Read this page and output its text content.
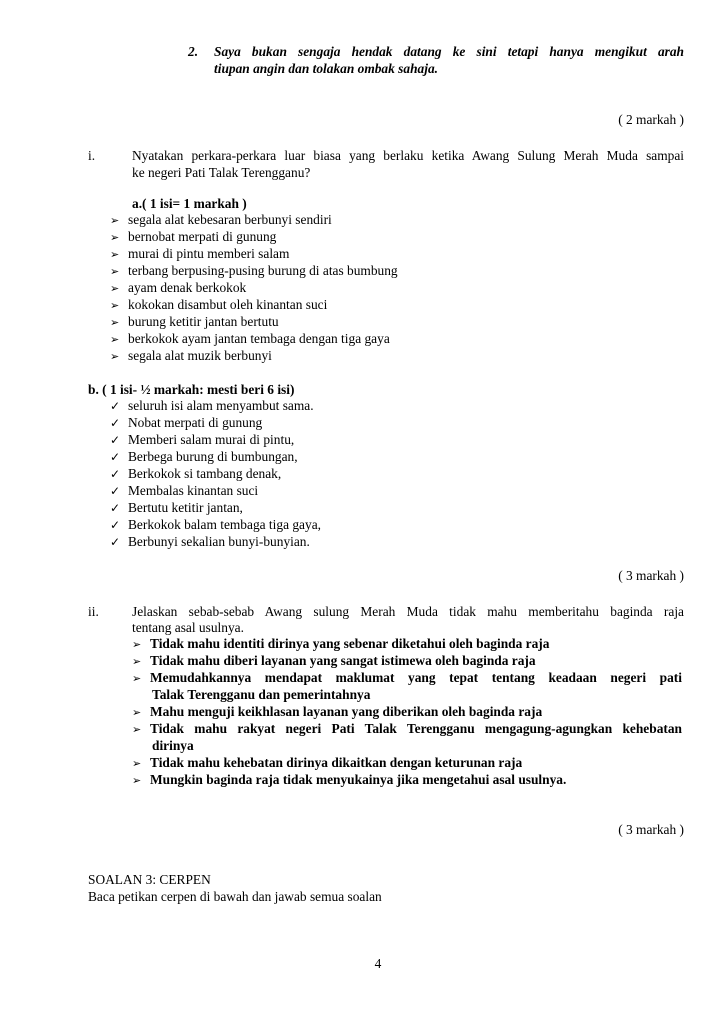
2. Saya bukan sengaja hendak datang ke sini tetapi hanya mengikut arah
tiupan angin dan tolakan ombak sahaja.
( 2 markah )
i.	Nyatakan perkara-perkara luar biasa yang berlaku ketika Awang Sulung Merah Muda sampai
ke negeri Pati Talak Terengganu?
a.( 1 isi= 1 markah )
➢ segala alat kebesaran berbunyi sendiri
➢ bernobat merpati di gunung
➢ murai di pintu memberi salam
➢ terbang berpusing-pusing burung di atas bumbung
➢ ayam denak berkokok
➢ kokokan disambut oleh kinantan suci
➢ burung ketitir jantan bertutu
➢ berkokok ayam jantan tembaga dengan tiga gaya
➢ segala alat muzik berbunyi
b. ( 1 isi- ½ markah: mesti beri 6 isi)
✓ seluruh isi alam menyambut sama.
✓ Nobat merpati di gunung
✓ Memberi salam murai di pintu,
✓ Berbega burung di bumbungan,
✓ Berkokok si tambang denak,
✓ Membalas kinantan suci
✓ Bertutu ketitir jantan,
✓ Berkokok balam tembaga tiga gaya,
✓ Berbunyi sekalian bunyi-bunyian.
( 3 markah )
ii. Jelaskan sebab-sebab Awang sulung Merah Muda tidak mahu memberitahu baginda raja
tentang asal usulnya.
➢ Tidak mahu identiti dirinya yang sebenar diketahui oleh baginda raja
➢ Tidak mahu diberi layanan yang sangat istimewa oleh baginda raja
➢ Memudahkannya mendapat maklumat yang tepat tentang keadaan negeri pati
Talak Terengganu dan pemerintahnya
➢ Mahu menguji keikhlasan layanan yang diberikan oleh baginda raja
➢ Tidak mahu rakyat negeri Pati Talak Terengganu mengagung-agungkan kehebatan
dirinya
➢ Tidak mahu kehebatan dirinya dikaitkan dengan keturunan raja
➢ Mungkin baginda raja tidak menyukainya jika mengetahui asal usulnya.
( 3 markah )
SOALAN 3: CERPEN
Baca petikan cerpen di bawah dan jawab semua soalan
4
